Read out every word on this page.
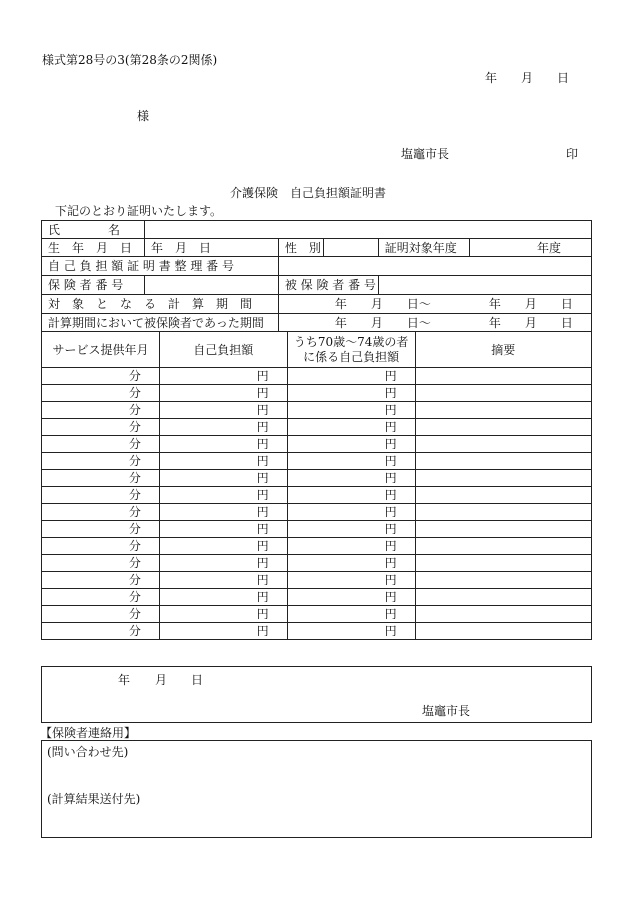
様式第28号の3(第28条の2関係)
年 月 日
様
塩竈市長	印
介護保険　自己負担額証明書
下記のとおり証明いたします。
氏　　　　名					
生　年　月　日	年　月　日	性　別		証明対象年度	年度
自 己 負 担 額 証 明 書 整 理 番 号					
保 険 者 番 号		被 保 険 者 番 号			
対　象　と　な　る　計　算　期　間		年　　月　　日 ～ 年　　月　　日			

計算期間において被保険者であった期間		年　　月　　日 ～ 年　　月　　日			
サービス提供年月	自己負担額	うち70歳～74歳の者
に係る自己負担額	摘要
分	円	円	
分	円	円	
分	円	円	
分	円	円	
分	円	円	
分	円	円	
分	円	円	
分	円	円	
分	円	円	
分	円	円	
分	円	円	
分	円	円	
分	円	円	
分	円	円	
分	円	円	
分	円	円	
年 月 日
塩竈市長
【保険者連絡用】
(問い合わせ先)
(計算結果送付先)
